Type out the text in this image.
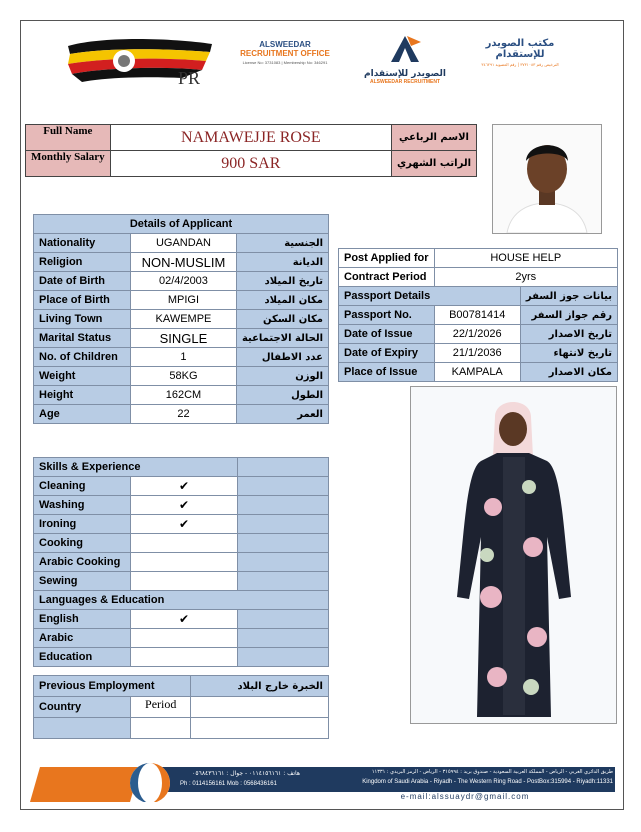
PR
ALSWEEDAR
RECRUITMENT OFFICE
License No: 3731083 | Membership No: 346291
الصويدر للإستقدام
ALSWEEDAR RECRUITMENT
مكتب الصويدر للإستقدام
الترخيص رقم ٣٧٣١٠٨٣ | رقم العضوية ٣٤٦٢٩١
Full Name	NAMAWEJJE ROSE	الاسم الرباعي
Monthly Salary	900 SAR	الراتب الشهري
Details of Applicant		
Nationality	UGANDAN	الجنسية
Religion	NON-MUSLIM	الديانة
Date of Birth	02/4/2003	تاريخ الميلاد
Place of Birth	MPIGI	مكان الميلاد
Living Town	KAWEMPE	مكان السكن
Marital Status	SINGLE	الحالة الاجتماعية
No. of Children	1	عدد الاطفال
Weight	58KG	الوزن
Height	162CM	الطول
Age	22	العمر
Post Applied for	HOUSE HELP	
Contract Period	2yrs	
Passport Details		بيانات جوز السفر
Passport No.	B00781414	رقم جواز السفر
Date of Issue	22/1/2026	تاريخ الاصدار
Date of Expiry	21/1/2036	تاريخ لانتهاء
Place of Issue	KAMPALA	مكان الاصدار
Skills & Experience		
Cleaning	✔	
Washing	✔	
Ironing	✔	
Cooking		
Arabic Cooking		
Sewing		
Languages & Education		
English	✔	
Arabic		
Education		
Previous Employment		الخبرة خارج البلاد
Country	Period	

هاتف : ٠١١٤١٥٦١٦١ - جوال : ٠٥٦٨٤٣٦١٦١
Ph : 0114156161 Mob : 0568436161
طريق الدائري الغربي - الرياض - المملكة العربية السعودية - صندوق بريد : ٣١٥٩٩٤ - الرياض - الرمز البريدي : ١١٣٣١
Kingdom of Saudi Arabia - Riyadh - The Western Ring Road - PostBox:315994 - Riyadh:11331
e-mail:alssuaydr@gmail.com
